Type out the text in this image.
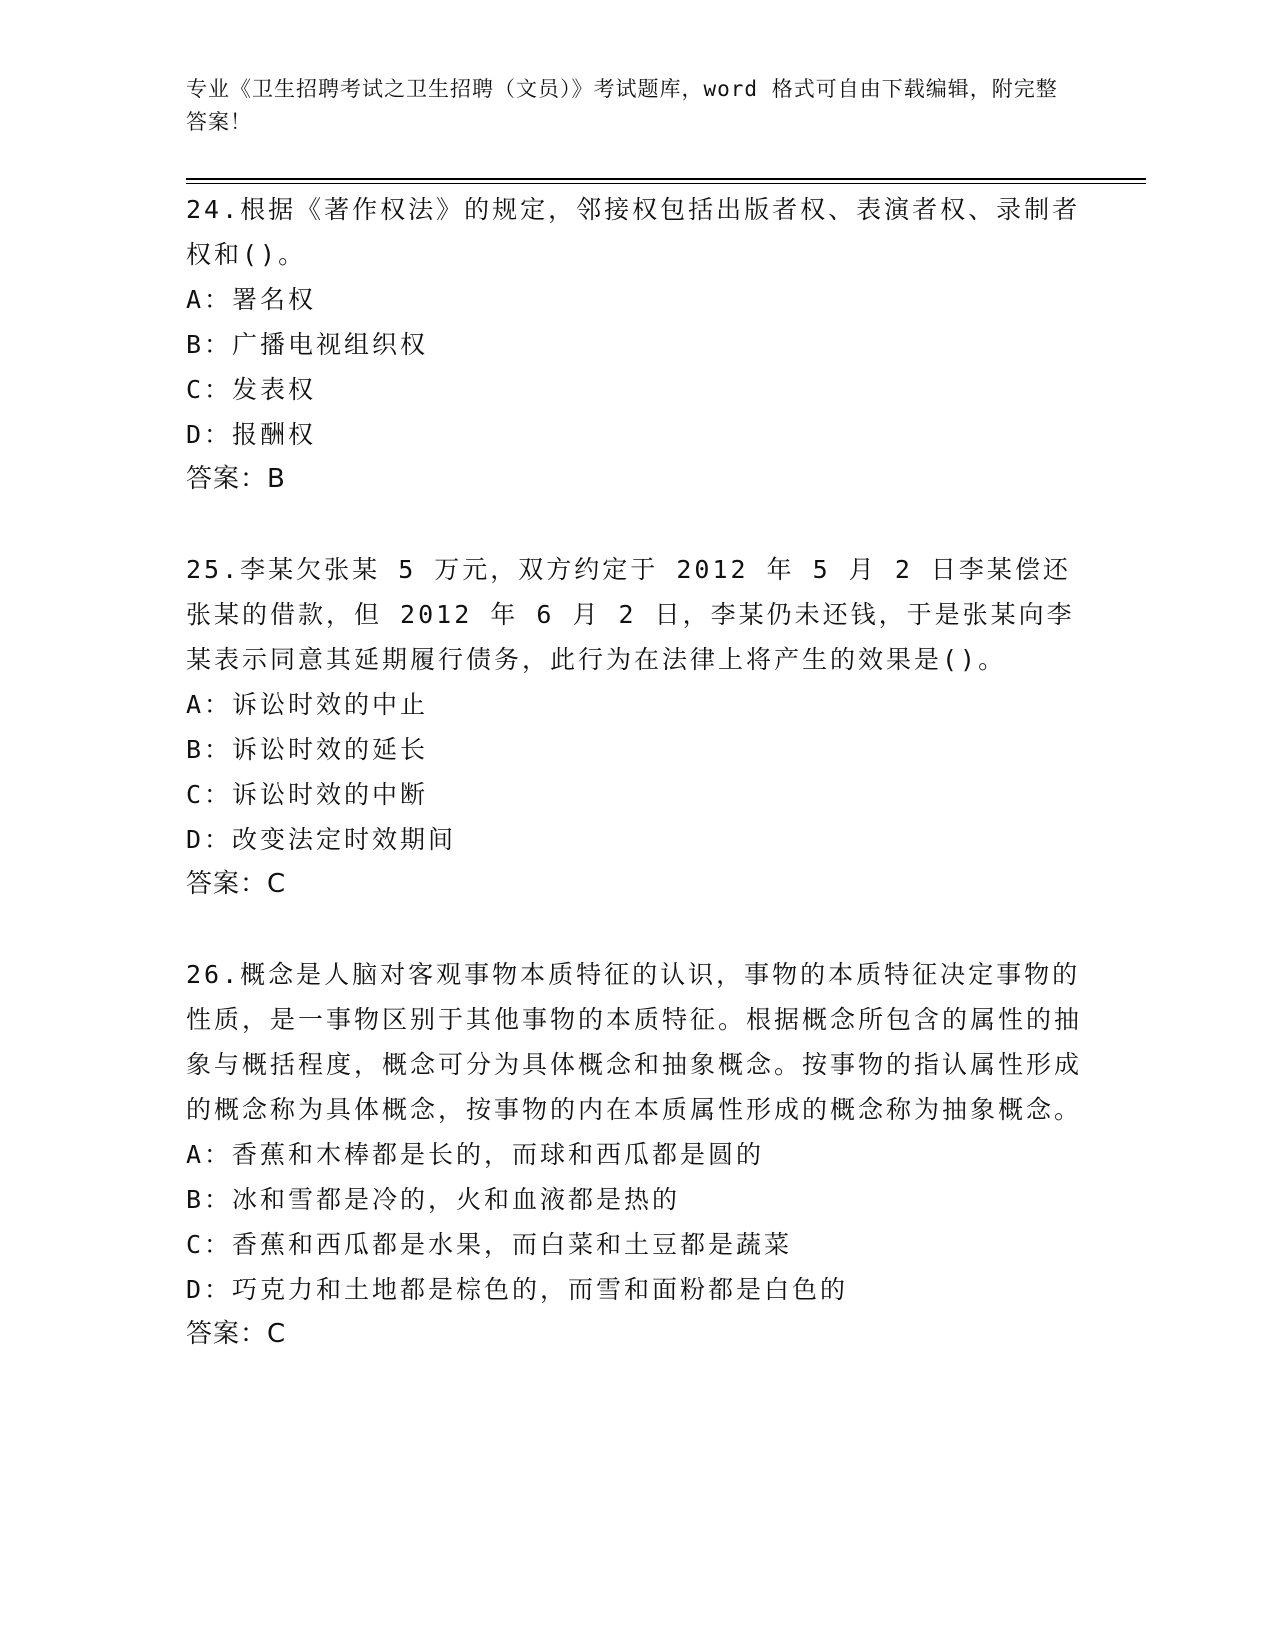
专业《卫生招聘考试之卫生招聘（文员）》考试题库，word 格式可自由下载编辑，附完整答案！
24.根据《著作权法》的规定，邻接权包括出版者权、表演者权、录制者权和()。
A：署名权
B：广播电视组织权
C：发表权
D：报酬权
答案：B
25.李某欠张某 5 万元，双方约定于 2012 年 5 月 2 日李某偿还张某的借款，但 2012 年 6 月 2 日，李某仍未还钱，于是张某向李某表示同意其延期履行债务，此行为在法律上将产生的效果是()。
A：诉讼时效的中止
B：诉讼时效的延长
C：诉讼时效的中断
D：改变法定时效期间
答案：C
26.概念是人脑对客观事物本质特征的认识，事物的本质特征决定事物的性质，是一事物区别于其他事物的本质特征。根据概念所包含的属性的抽象与概括程度，概念可分为具体概念和抽象概念。按事物的指认属性形成的概念称为具体概念，按事物的内在本质属性形成的概念称为抽象概念。
A：香蕉和木棒都是长的，而球和西瓜都是圆的
B：冰和雪都是冷的，火和血液都是热的
C：香蕉和西瓜都是水果，而白菜和土豆都是蔬菜
D：巧克力和土地都是棕色的，而雪和面粉都是白色的
答案：C
